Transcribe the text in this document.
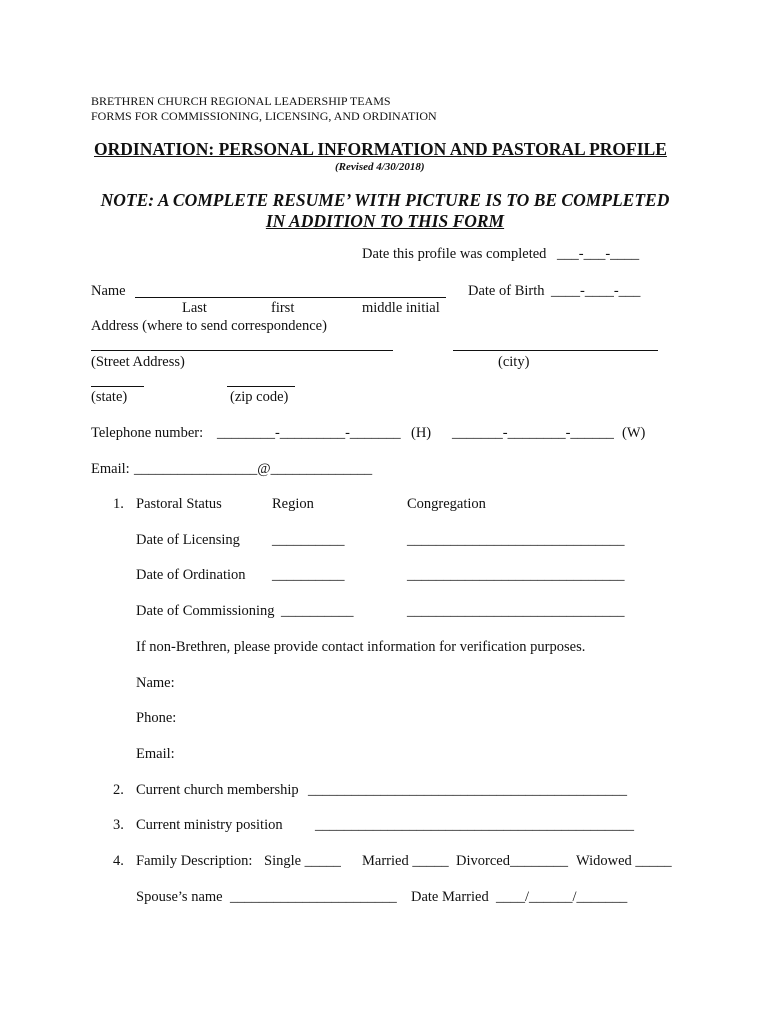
BRETHREN CHURCH REGIONAL LEADERSHIP TEAMS
FORMS FOR COMMISSIONING, LICENSING, AND ORDINATION
ORDINATION: PERSONAL INFORMATION AND PASTORAL PROFILE
(Revised 4/30/2018)
NOTE: A COMPLETE RESUME’ WITH PICTURE IS TO BE COMPLETED
IN ADDITION TO THIS FORM
Date this profile was completed ___-___-____
Name	Date of Birth ____-____-___
Last	first	middle initial
Address (where to send correspondence)
(Street Address)	(city)
(state)	(zip code)
Telephone number: ________-_________-_______ (H) _______-________-______ (W)
Email: _________________@______________
1. Pastoral Status	Region	Congregation
Date of Licensing __________	______________________________
Date of Ordination __________	______________________________
Date of Commissioning __________	______________________________
If non-Brethren, please provide contact information for verification purposes.
Name:
Phone:
Email:
2. Current church membership ____________________________________________
3. Current ministry position ____________________________________________
4. Family Description: Single _____ Married _____ Divorced________ Widowed _____
Spouse’s name _______________________ Date Married ____/______/_______
